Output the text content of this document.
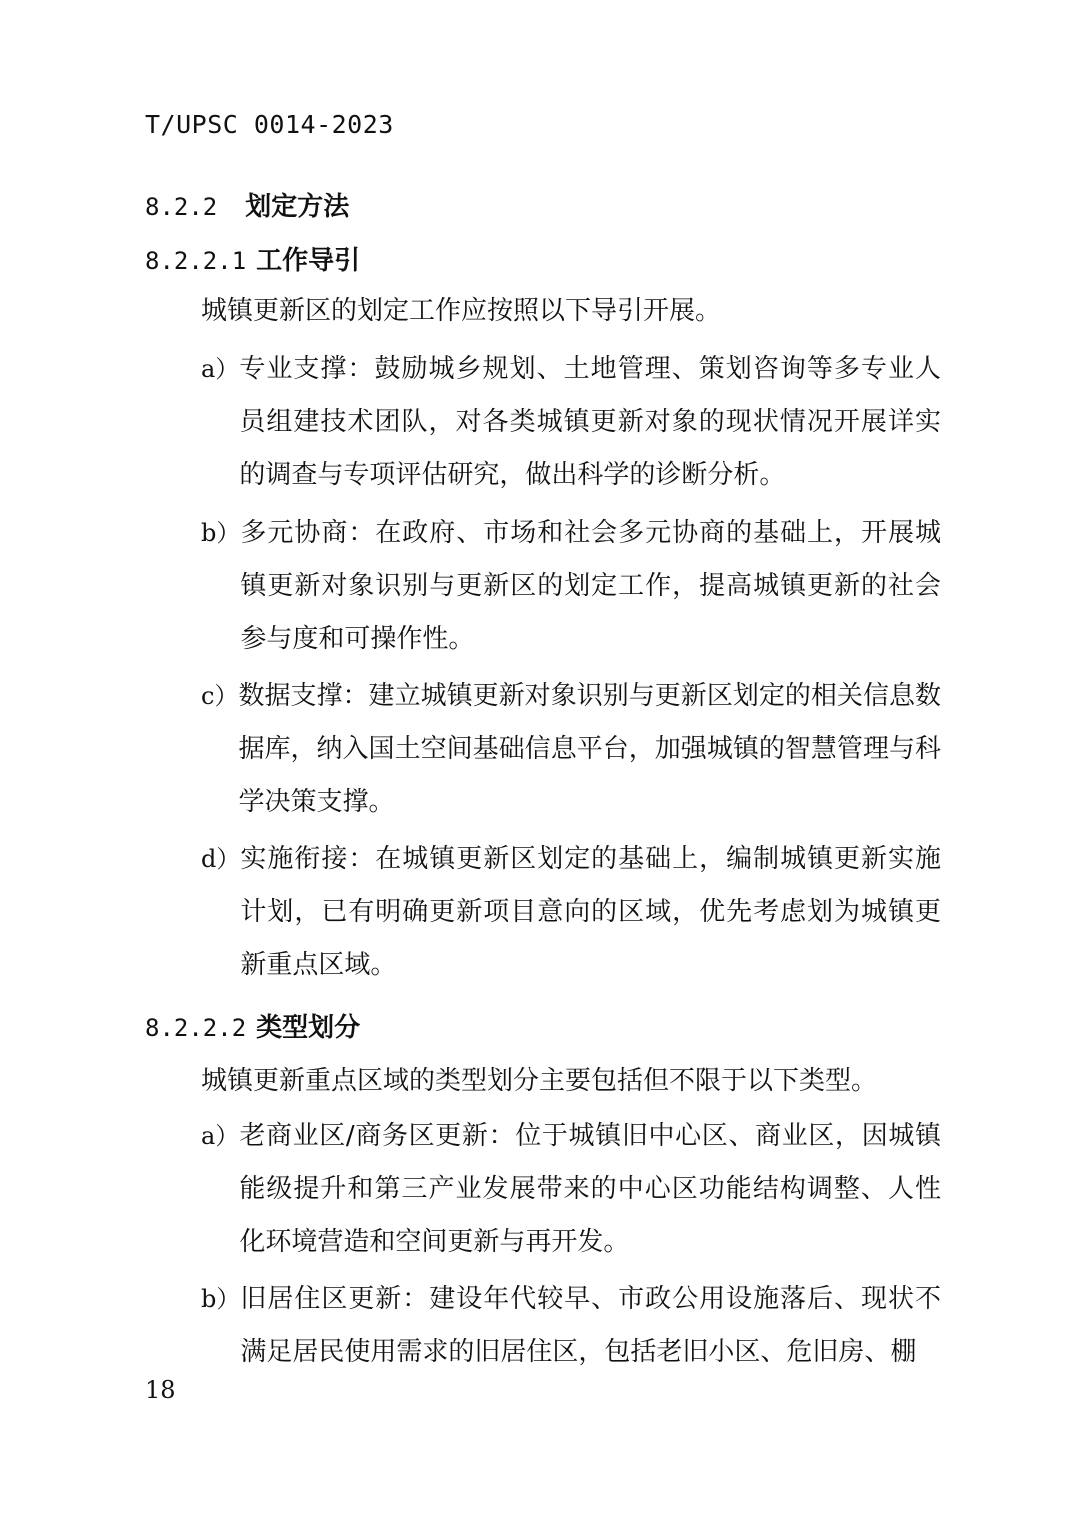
T/UPSC 0014-2023
8.2.2 划定方法
8.2.2.1 工作导引
城镇更新区的划定工作应按照以下导引开展。
a） 专业支撑：鼓励城乡规划、土地管理、策划咨询等多专业人员组建技术团队，对各类城镇更新对象的现状情况开展详实的调查与专项评估研究，做出科学的诊断分析。
b） 多元协商：在政府、市场和社会多元协商的基础上，开展城镇更新对象识别与更新区的划定工作，提高城镇更新的社会参与度和可操作性。
c） 数据支撑：建立城镇更新对象识别与更新区划定的相关信息数据库，纳入国土空间基础信息平台，加强城镇的智慧管理与科学决策支撑。
d） 实施衔接：在城镇更新区划定的基础上，编制城镇更新实施计划，已有明确更新项目意向的区域，优先考虑划为城镇更新重点区域。
8.2.2.2 类型划分
城镇更新重点区域的类型划分主要包括但不限于以下类型。
a） 老商业区/商务区更新：位于城镇旧中心区、商业区，因城镇能级提升和第三产业发展带来的中心区功能结构调整、人性化环境营造和空间更新与再开发。
b） 旧居住区更新：建设年代较早、市政公用设施落后、现状不满足居民使用需求的旧居住区，包括老旧小区、危旧房、棚
18
